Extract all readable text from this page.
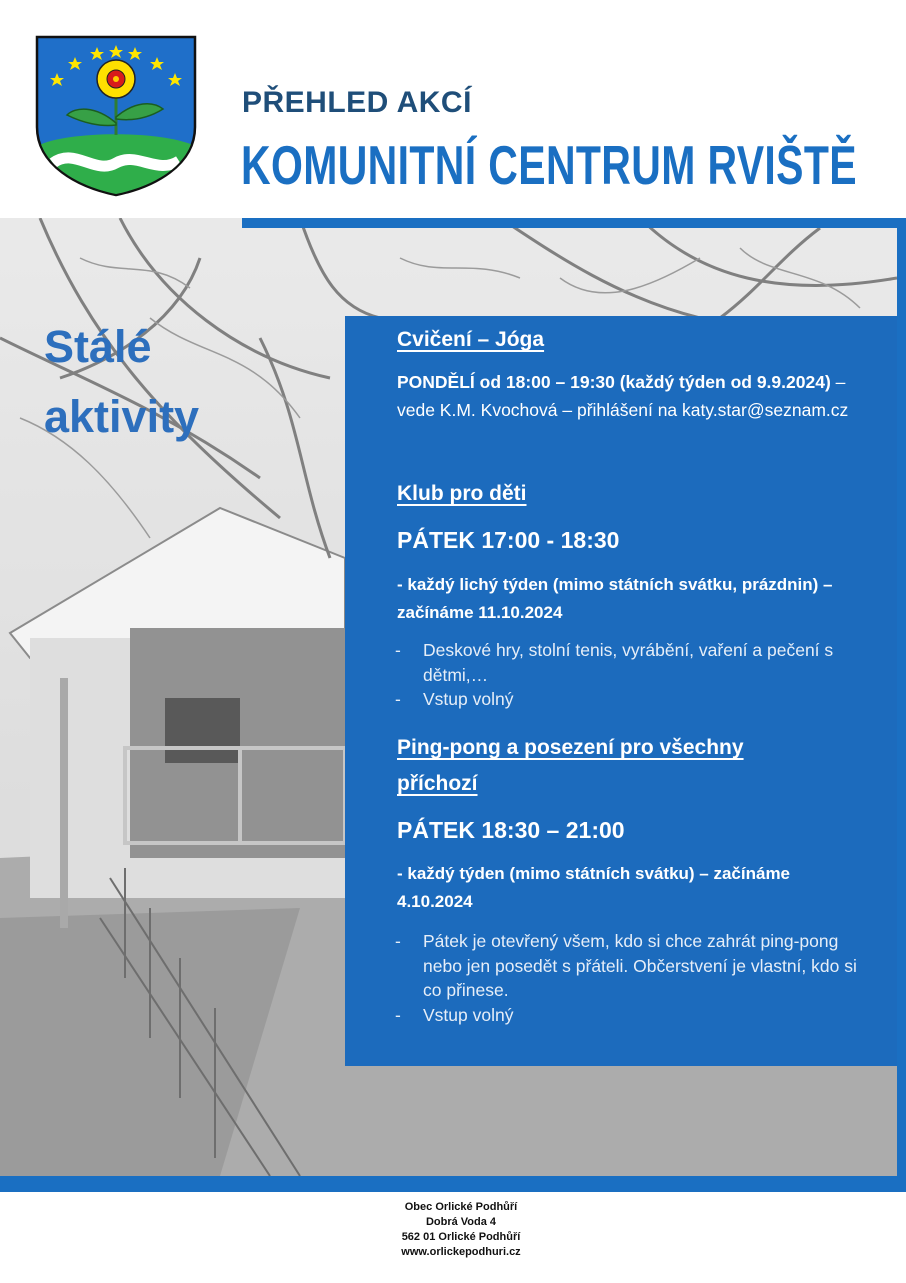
PŘEHLED AKCÍ
KOMUNITNÍ CENTRUM RVIŠTĚ
Stálé
aktivity
Cvičení – Jóga
PONDĚLÍ od 18:00 – 19:30 (každý týden od 9.9.2024) – vede K.M. Kvochová – přihlášení na katy.star@seznam.cz
Klub pro děti
PÁTEK 17:00 - 18:30
- každý lichý týden (mimo státních svátku, prázdnin) – začínáme 11.10.2024
- Deskové hry, stolní tenis, vyrábění, vaření a pečení s dětmi,…
- Vstup volný
Ping-pong a posezení pro všechny
příchozí
PÁTEK 18:30 – 21:00
- každý týden (mimo státních svátku) – začínáme 4.10.2024
- Pátek je otevřený všem, kdo si chce zahrát ping-pong nebo jen posedět s přáteli. Občerstvení je vlastní, kdo si co přinese.
- Vstup volný
Obec Orlické Podhůří
Dobrá Voda 4
562 01 Orlické Podhůří
www.orlickepodhuri.cz
